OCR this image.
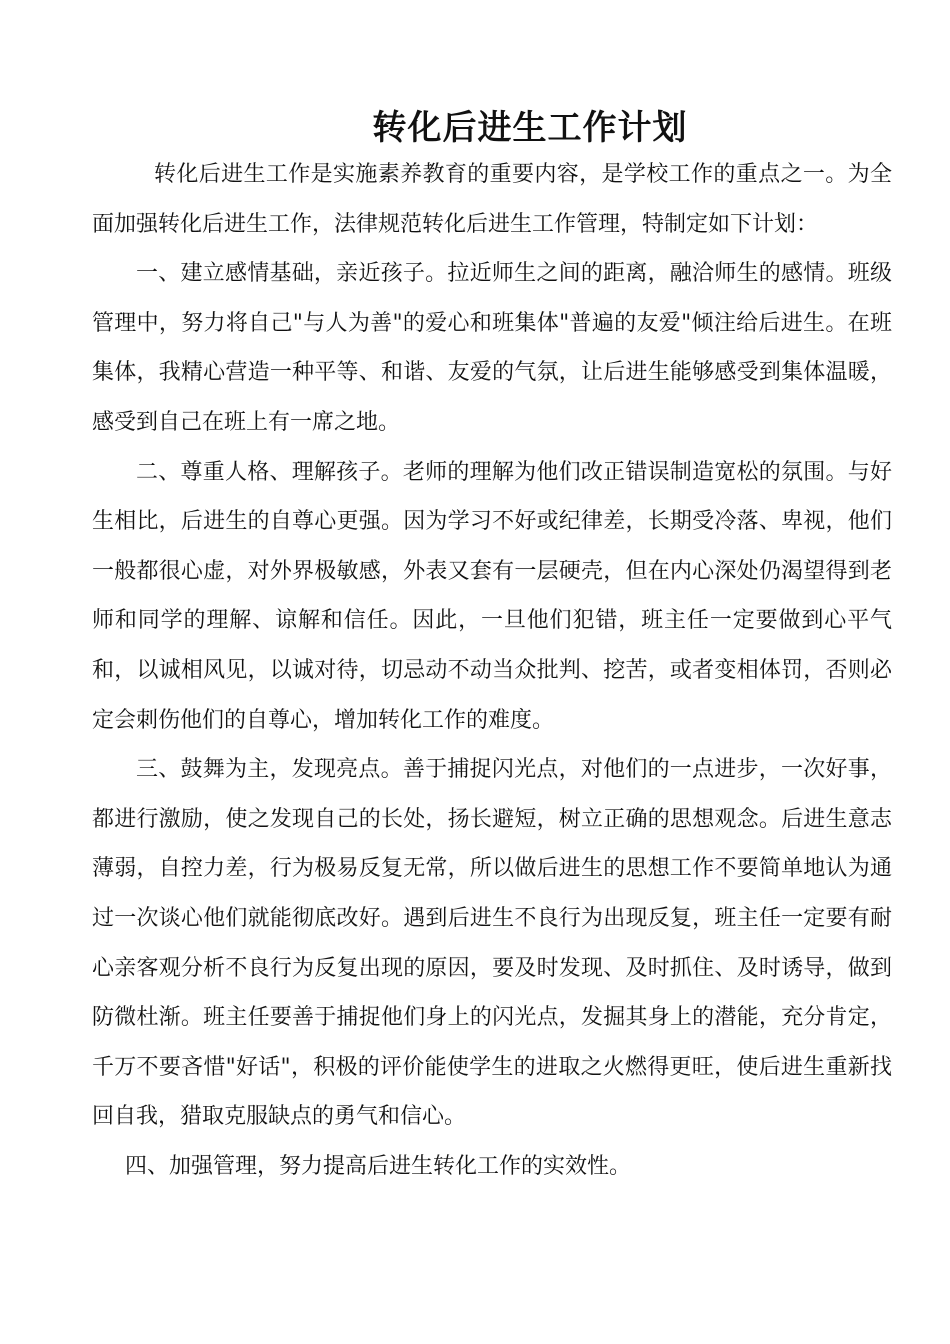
转化后进生工作计划

转化后进生工作是实施素养教育的重要内容，是学校工作的重点之一。为全面加强转化后进生工作，法律规范转化后进生工作管理，特制定如下计划：

一、建立感情基础，亲近孩子。拉近师生之间的距离，融洽师生的感情。班级管理中，努力将自己"与人为善"的爱心和班集体"普遍的友爱"倾注给后进生。在班集体，我精心营造一种平等、和谐、友爱的气氛，让后进生能够感受到集体温暖，感受到自己在班上有一席之地。

二、尊重人格、理解孩子。老师的理解为他们改正错误制造宽松的氛围。与好生相比，后进生的自尊心更强。因为学习不好或纪律差，长期受冷落、卑视，他们一般都很心虚，对外界极敏感，外表又套有一层硬壳，但在内心深处仍渴望得到老师和同学的理解、谅解和信任。因此，一旦他们犯错，班主任一定要做到心平气和，以诚相风见，以诚对待，切忌动不动当众批判、挖苦，或者变相体罚，否则必定会刺伤他们的自尊心，增加转化工作的难度。

三、鼓舞为主，发现亮点。善于捕捉闪光点，对他们的一点进步，一次好事，都进行激励，使之发现自己的长处，扬长避短，树立正确的思想观念。后进生意志薄弱，自控力差，行为极易反复无常，所以做后进生的思想工作不要简单地认为通过一次谈心他们就能彻底改好。遇到后进生不良行为出现反复，班主任一定要有耐心亲客观分析不良行为反复出现的原因，要及时发现、及时抓住、及时诱导，做到防微杜渐。班主任要善于捕捉他们身上的闪光点，发掘其身上的潜能，充分肯定，千万不要吝惜"好话"，积极的评价能使学生的进取之火燃得更旺，使后进生重新找回自我，猎取克服缺点的勇气和信心。

四、加强管理，努力提高后进生转化工作的实效性。
